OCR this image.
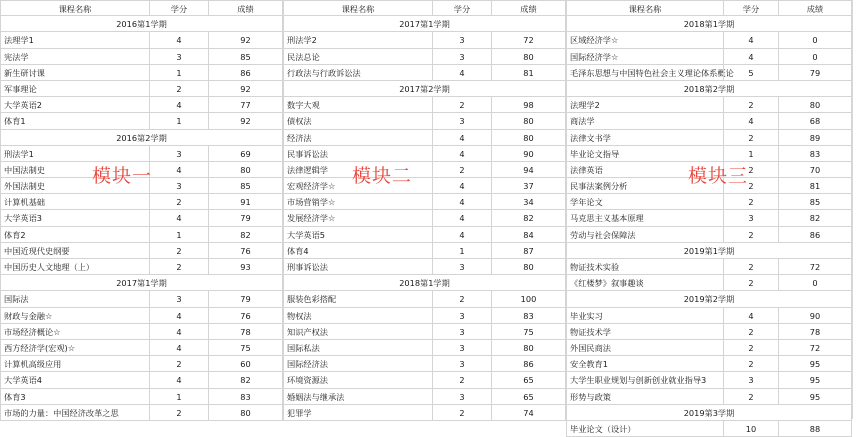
课程名称	学分	成绩
2016第1学期
法理学1	4	92
宪法学	3	85
新生研讨课	1	86
军事理论	2	92
大学英语2	4	77
体育1	1	92
2016第2学期
刑法学1	3	69
中国法制史	4	80
外国法制史	3	85
计算机基础	2	91
大学英语3	4	79
体育2	1	82
中国近现代史纲要	2	76
中国历史人文地理（上）	2	93
2017第1学期
国际法	3	79
财政与金融☆	4	76
市场经济概论☆	4	78
西方经济学(宏观)☆	4	75
计算机高级应用	2	60
大学英语4	4	82
体育3	1	83
市场的力量：中国经济改革之思	2	80
课程名称	学分	成绩
2017第1学期
刑法学2	3	72
民法总论	3	80
行政法与行政诉讼法	4	81
2017第2学期
数字大观	2	98
债权法	3	80
经济法	4	80
民事诉讼法	4	90
法律逻辑学	2	94
宏观经济学☆	4	37
市场营销学☆	4	34
发展经济学☆	4	82
大学英语5	4	84
体育4	1	87
刑事诉讼法	3	80
2018第1学期
服装色彩搭配	2	100
物权法	3	83
知识产权法	3	75
国际私法	3	80
国际经济法	3	86
环境资源法	2	65
婚姻法与继承法	3	65
犯罪学	2	74
课程名称	学分	成绩
2018第1学期
区域经济学☆	4	0
国际经济学☆	4	0
毛泽东思想与中国特色社会主义理论体系概论	5	79
2018第2学期
法理学2	2	80
商法学	4	68
法律文书学	2	89
毕业论文指导	1	83
法律英语	2	70
民事法案例分析	2	81
学年论文	2	85
马克思主义基本原理	3	82
劳动与社会保障法	2	86
2019第1学期
物证技术实验	2	72
《红楼梦》叙事趣谈	2	0
2019第2学期
毕业实习	4	90
物证技术学	2	78
外国民商法	2	72
安全教育1	2	95
大学生职业规划与创新创业就业指导3	3	95
形势与政策	2	95
2019第3学期
毕业论文（设计）	10	88
模块一	模块二	模块三
